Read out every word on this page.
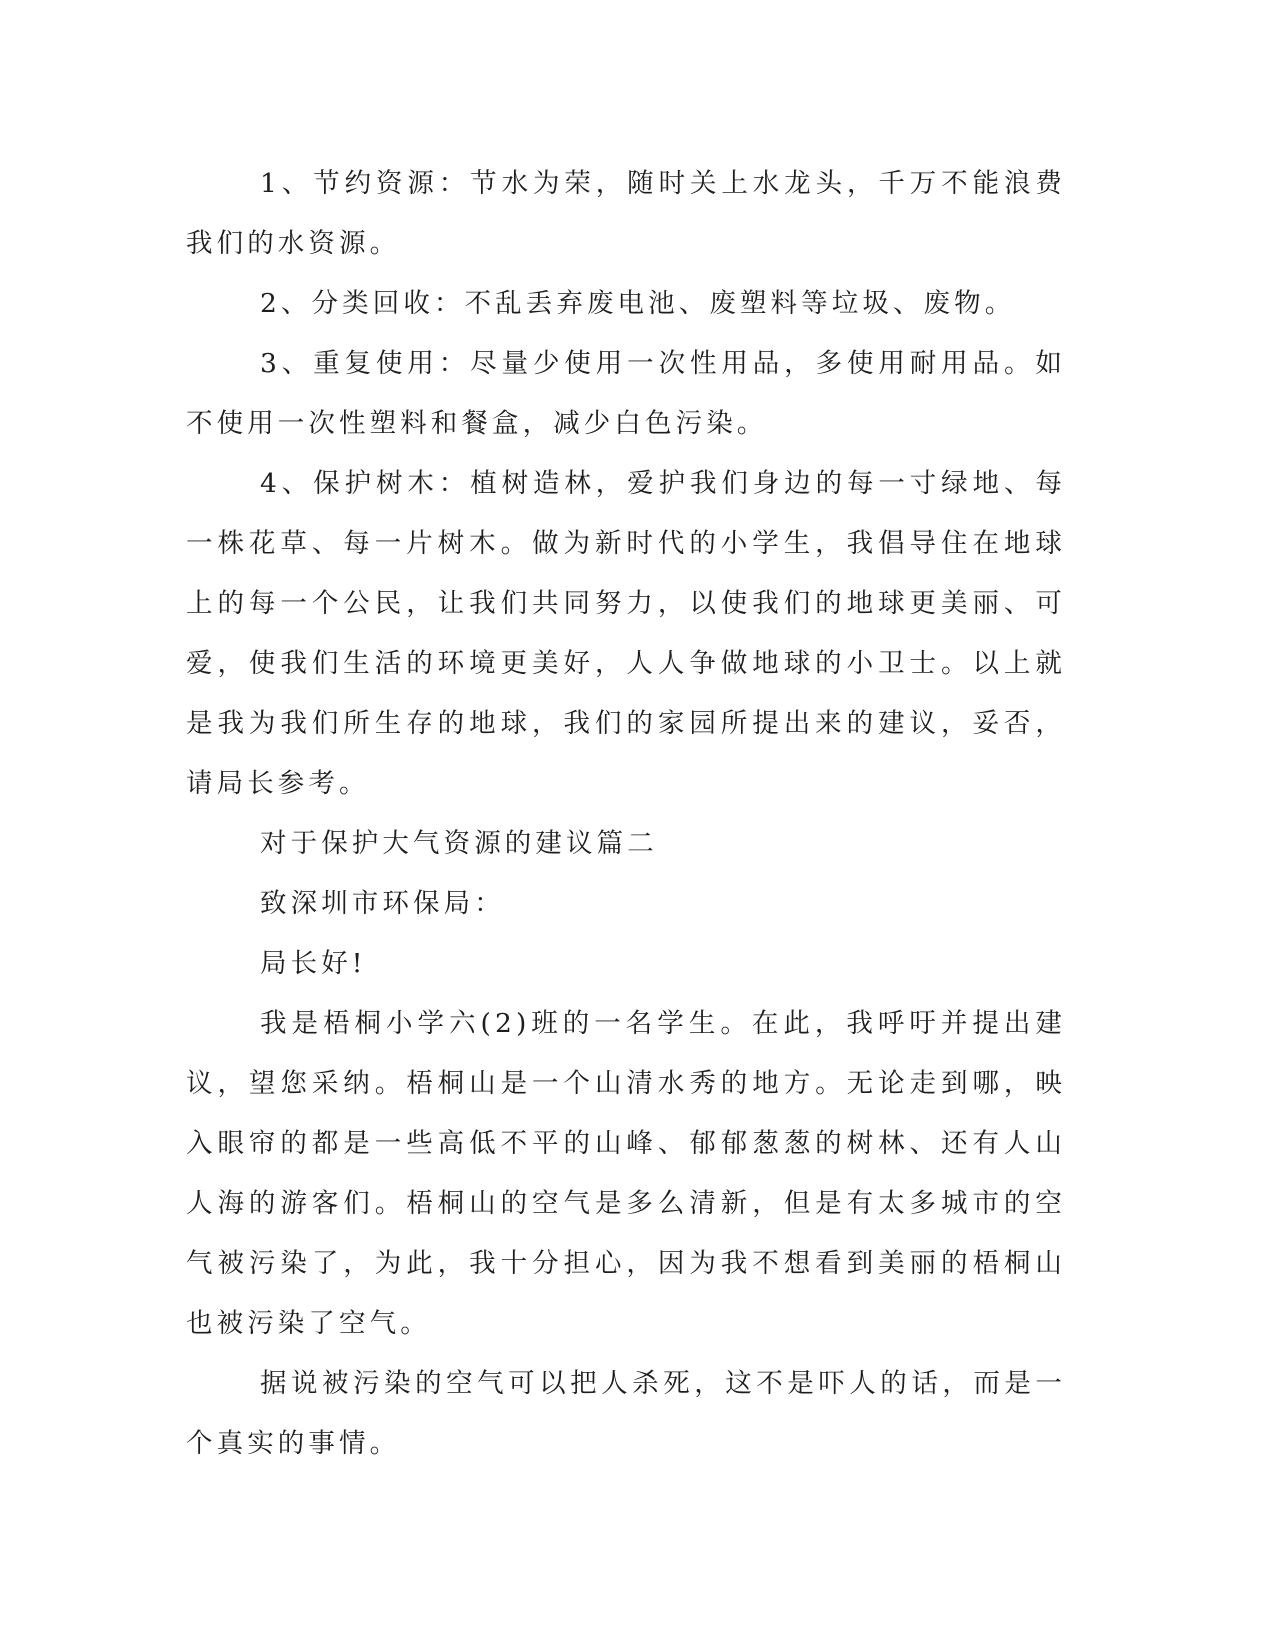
1、节约资源：节水为荣，随时关上水龙头，千万不能浪费我们的水资源。

2、分类回收：不乱丢弃废电池、废塑料等垃圾、废物。

3、重复使用：尽量少使用一次性用品，多使用耐用品。如不使用一次性塑料和餐盒，减少白色污染。

4、保护树木：植树造林，爱护我们身边的每一寸绿地、每一株花草、每一片树木。做为新时代的小学生，我倡导住在地球上的每一个公民，让我们共同努力，以使我们的地球更美丽、可爱，使我们生活的环境更美好，人人争做地球的小卫士。以上就是我为我们所生存的地球，我们的家园所提出来的建议，妥否，请局长参考。

对于保护大气资源的建议篇二

致深圳市环保局：

局长好!

我是梧桐小学六(2)班的一名学生。在此，我呼吁并提出建议，望您采纳。梧桐山是一个山清水秀的地方。无论走到哪，映入眼帘的都是一些高低不平的山峰、郁郁葱葱的树林、还有人山人海的游客们。梧桐山的空气是多么清新，但是有太多城市的空气被污染了，为此，我十分担心，因为我不想看到美丽的梧桐山也被污染了空气。

据说被污染的空气可以把人杀死，这不是吓人的话，而是一个真实的事情。
